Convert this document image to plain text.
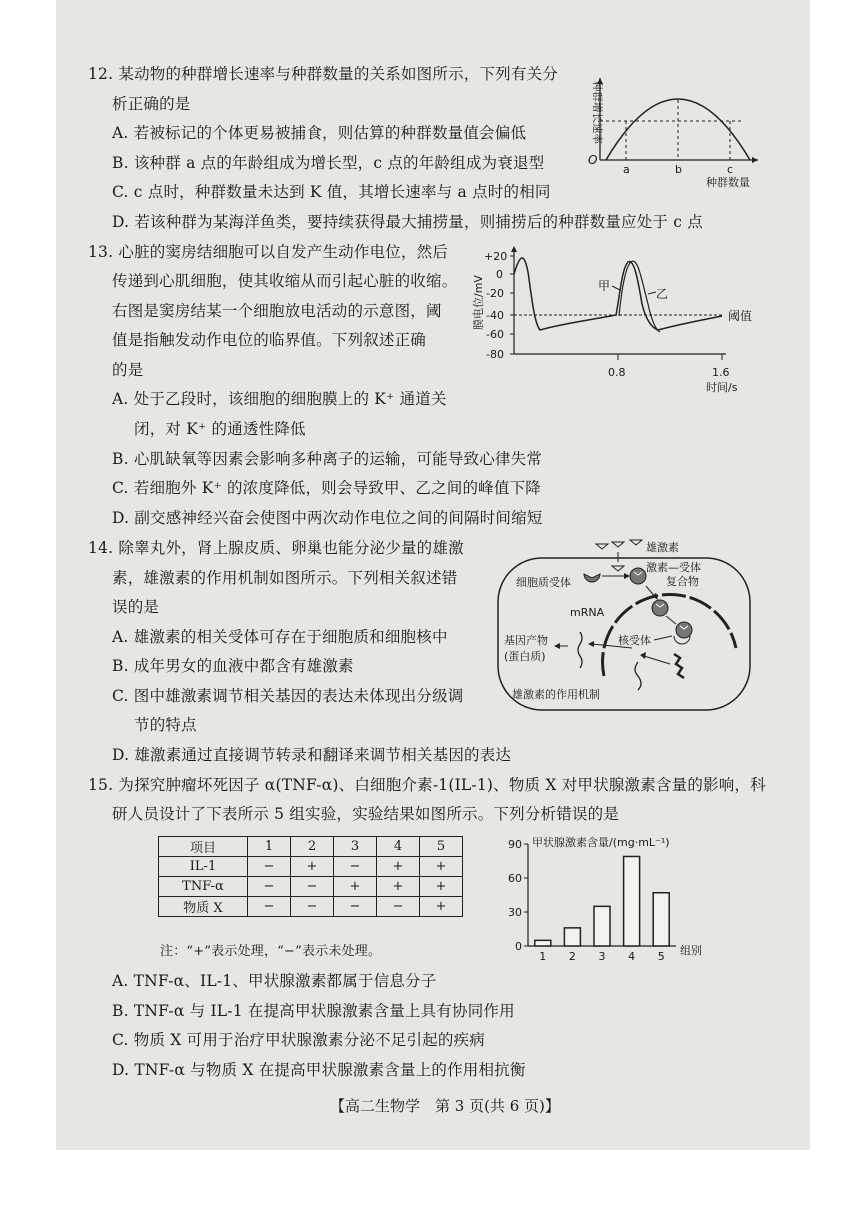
12. 某动物的种群增长速率与种群数量的关系如图所示，下列有关分
析正确的是
A. 若被标记的个体更易被捕食，则估算的种群数量值会偏低
B. 该种群 a 点的年龄组成为增长型，c 点的年龄组成为衰退型
C. c 点时，种群数量未达到 K 值，其增长速率与 a 点时的相同
D. 若该种群为某海洋鱼类，要持续获得最大捕捞量，则捕捞后的种群数量应处于 c 点
O
a	b	c
种群数量
种群增长速率
13. 心脏的窦房结细胞可以自发产生动作电位，然后
传递到心肌细胞，使其收缩从而引起心脏的收缩。
右图是窦房结某一个细胞放电活动的示意图，阈
值是指触发动作电位的临界值。下列叙述正确
的是
A. 处于乙段时，该细胞的细胞膜上的 K⁺ 通道关
闭，对 K⁺ 的通透性降低
B. 心肌缺氧等因素会影响多种离子的运输，可能导致心律失常
C. 若细胞外 K⁺ 的浓度降低，则会导致甲、乙之间的峰值下降
D. 副交感神经兴奋会使图中两次动作电位之间的间隔时间缩短
+20
0
-20
-40
-60
-80
膜电位/mV
0.8	1.6
时间/s
阈值
甲
乙
14. 除睾丸外，肾上腺皮质、卵巢也能分泌少量的雄激
素，雄激素的作用机制如图所示。下列相关叙述错
误的是
A. 雄激素的相关受体可存在于细胞质和细胞核中
B. 成年男女的血液中都含有雄激素
C. 图中雄激素调节相关基因的表达未体现出分级调
节的特点
D. 雄激素通过直接调节转录和翻译来调节相关基因的表达
雄激素
激素—受体
复合物
细胞质受体
mRNA
核受体
基因产物
(蛋白质)
雄激素的作用机制
15. 为探究肿瘤坏死因子 α(TNF-α)、白细胞介素-1(IL-1)、物质 X 对甲状腺激素含量的影响，科
研人员设计了下表所示 5 组实验，实验结果如图所示。下列分析错误的是
项目	1	2	3	4	5
IL-1	−	+	−	+	+
TNF-α	−	−	+	+	+
物质 X	−	−	−	−	+
注：“+”表示处理，“−”表示未处理。
甲状腺激素含量/(mg·mL⁻¹)
组别
0
30
60
90
1 2 3 4 5
A. TNF-α、IL-1、甲状腺激素都属于信息分子
B. TNF-α 与 IL-1 在提高甲状腺激素含量上具有协同作用
C. 物质 X 可用于治疗甲状腺激素分泌不足引起的疾病
D. TNF-α 与物质 X 在提高甲状腺激素含量上的作用相抗衡
【高二生物学　第 3 页(共 6 页)】
